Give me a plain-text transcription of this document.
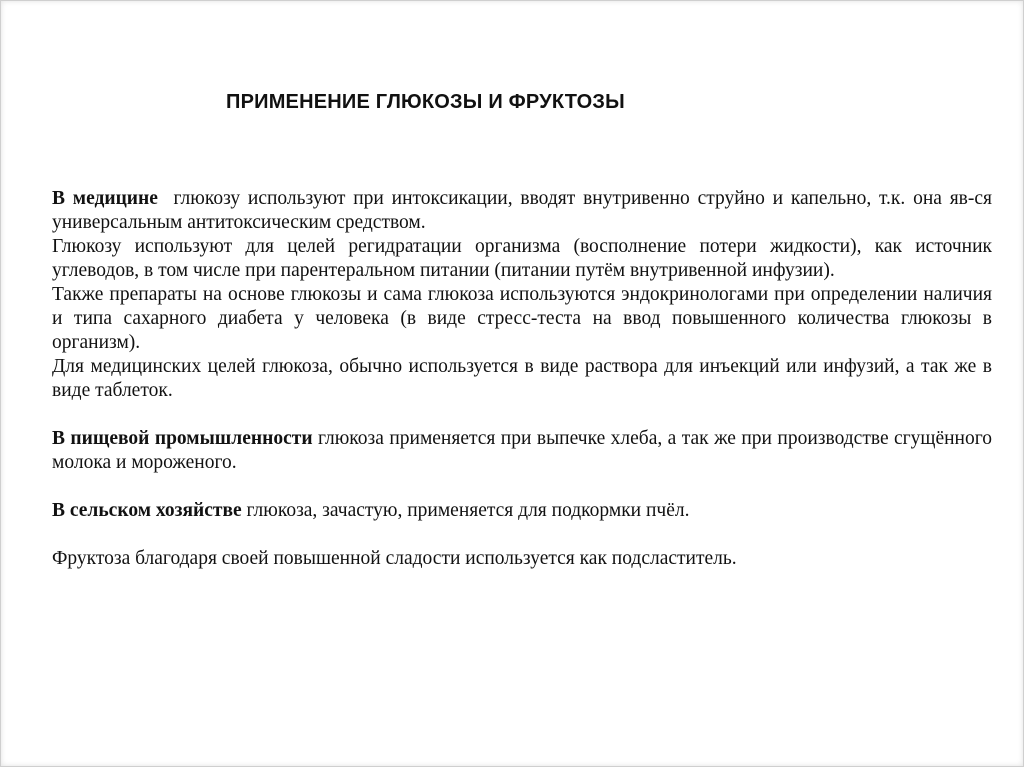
ПРИМЕНЕНИЕ ГЛЮКОЗЫ И ФРУКТОЗЫ

В медицине  глюкозу используют при интоксикации, вводят внутривенно струйно и капельно, т.к. она яв-ся универсальным антитоксическим средством.

Глюкозу используют для целей регидратации организма (восполнение потери жидкости), как источник углеводов, в том числе при парентеральном питании (питании путём внутривенной инфузии).

Также препараты на основе глюкозы и сама глюкоза используются эндокринологами при определении наличия и типа сахарного диабета у человека (в виде стресс-теста на ввод повышенного количества глюкозы в организм).

Для медицинских целей глюкоза, обычно используется в виде раствора для инъекций или инфузий, а так же в виде таблеток.

В пищевой промышленности глюкоза применяется при выпечке хлеба, а так же при производстве сгущённого молока и мороженого.

В сельском хозяйстве глюкоза, зачастую, применяется для подкормки пчёл.

Фруктоза благодаря своей повышенной сладости используется как подсластитель.
